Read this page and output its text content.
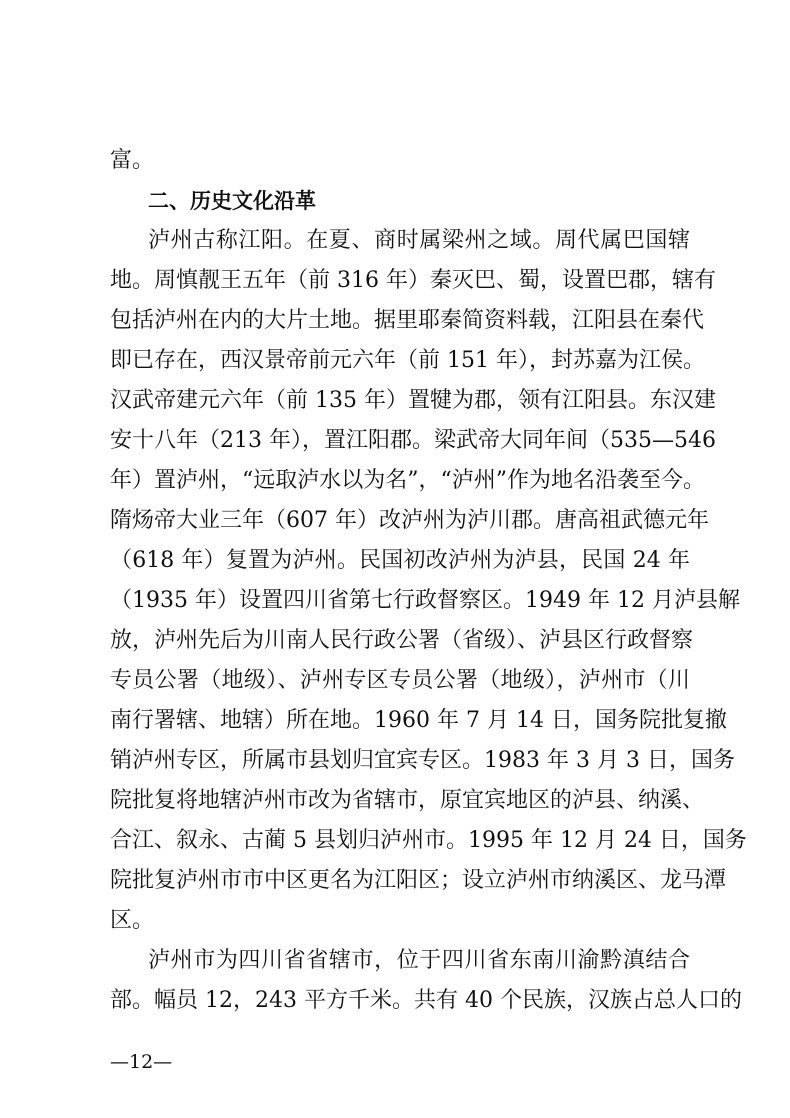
富。
二、历史文化沿革
泸州古称江阳。在夏、商时属梁州之域。周代属巴国辖
地。周慎靓王五年（前 316 年）秦灭巴、蜀，设置巴郡，辖有
包括泸州在内的大片土地。据里耶秦简资料载，江阳县在秦代
即已存在，西汉景帝前元六年（前 151 年），封苏嘉为江侯。
汉武帝建元六年（前 135 年）置犍为郡，领有江阳县。东汉建
安十八年（213 年），置江阳郡。梁武帝大同年间（535—546
年）置泸州，“远取泸水以为名”，“泸州”作为地名沿袭至今。
隋炀帝大业三年（607 年）改泸州为泸川郡。唐高祖武德元年
（618 年）复置为泸州。民国初改泸州为泸县，民国 24 年
（1935 年）设置四川省第七行政督察区。1949 年 12 月泸县解
放，泸州先后为川南人民行政公署（省级）、泸县区行政督察
专员公署（地级）、泸州专区专员公署（地级），泸州市（川
南行署辖、地辖）所在地。1960 年 7 月 14 日，国务院批复撤
销泸州专区，所属市县划归宜宾专区。1983 年 3 月 3 日，国务
院批复将地辖泸州市改为省辖市，原宜宾地区的泸县、纳溪、
合江、叙永、古蔺 5 县划归泸州市。1995 年 12 月 24 日，国务
院批复泸州市市中区更名为江阳区；设立泸州市纳溪区、龙马潭
区。
泸州市为四川省省辖市，位于四川省东南川渝黔滇结合
部。幅员 12，243 平方千米。共有 40 个民族，汉族占总人口的
—12—
